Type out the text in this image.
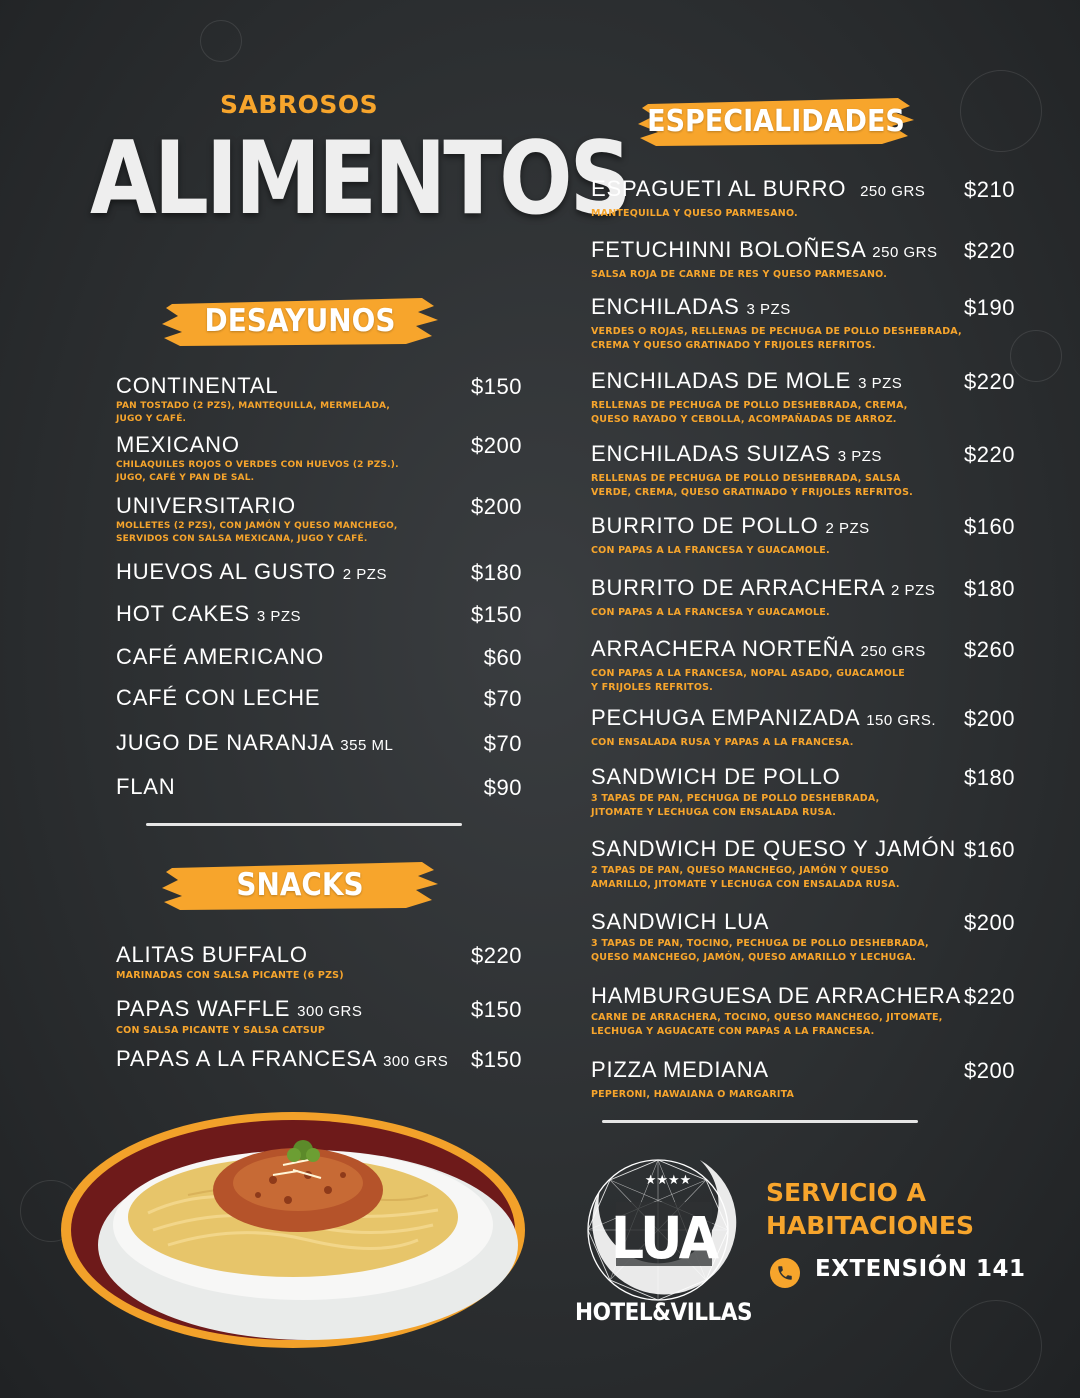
SABROSOS
ALIMENTOS
DESAYUNOS
SNACKS
ESPECIALIDADES
CONTINENTAL	$150
PAN TOSTADO (2 PZS), MANTEQUILLA, MERMELADA,
JUGO Y CAFÉ.
MEXICANO	$200
CHILAQUILES ROJOS O VERDES CON HUEVOS (2 PZS.).
JUGO, CAFÉ Y PAN DE SAL.
UNIVERSITARIO	$200
MOLLETES (2 PZS), CON JAMÓN Y QUESO MANCHEGO,
SERVIDOS CON SALSA MEXICANA, JUGO Y CAFÉ.
HUEVOS AL GUSTO 2 PZS	$180
HOT CAKES 3 PZS	$150
CAFÉ AMERICANO	$60
CAFÉ CON LECHE	$70
JUGO DE NARANJA 355 ML	$70
FLAN	$90
ALITAS BUFFALO	$220
MARINADAS CON SALSA PICANTE (6 PZS)
PAPAS WAFFLE 300 GRS	$150
CON SALSA PICANTE Y SALSA CATSUP
PAPAS A LA FRANCESA 300 GRS	$150
ESPAGUETI AL BURRO 250 GRS	$210
MANTEQUILLA Y QUESO PARMESANO.
FETUCHINNI BOLOÑESA 250 GRS	$220
SALSA ROJA DE CARNE DE RES Y QUESO PARMESANO.
ENCHILADAS 3 PZS	$190
VERDES O ROJAS, RELLENAS DE PECHUGA DE POLLO DESHEBRADA,
CREMA Y QUESO GRATINADO Y FRIJOLES REFRITOS.
ENCHILADAS DE MOLE 3 PZS	$220
RELLENAS DE PECHUGA DE POLLO DESHEBRADA, CREMA,
QUESO RAYADO Y CEBOLLA, ACOMPAÑADAS DE ARROZ.
ENCHILADAS SUIZAS 3 PZS	$220
RELLENAS DE PECHUGA DE POLLO DESHEBRADA, SALSA
VERDE, CREMA, QUESO GRATINADO Y FRIJOLES REFRITOS.
BURRITO DE POLLO 2 PZS	$160
CON PAPAS A LA FRANCESA Y GUACAMOLE.
BURRITO DE ARRACHERA 2 PZS	$180
CON PAPAS A LA FRANCESA Y GUACAMOLE.
ARRACHERA NORTEÑA 250 GRS	$260
CON PAPAS A LA FRANCESA, NOPAL ASADO, GUACAMOLE
Y FRIJOLES REFRITOS.
PECHUGA EMPANIZADA 150 GRS.	$200
CON ENSALADA RUSA Y PAPAS A LA FRANCESA.
SANDWICH DE POLLO	$180
3 TAPAS DE PAN, PECHUGA DE POLLO DESHEBRADA,
JITOMATE Y LECHUGA CON ENSALADA RUSA.
SANDWICH DE QUESO Y JAMÓN $160
2 TAPAS DE PAN, QUESO MANCHEGO, JAMÓN Y QUESO
AMARILLO, JITOMATE Y LECHUGA CON ENSALADA RUSA.
SANDWICH LUA	$200
3 TAPAS DE PAN, TOCINO, PECHUGA DE POLLO DESHEBRADA,
QUESO MANCHEGO, JAMÓN, QUESO AMARILLO Y LECHUGA.
HAMBURGUESA DE ARRACHERA $220
CARNE DE ARRACHERA, TOCINO, QUESO MANCHEGO, JITOMATE,
LECHUGA Y AGUACATE CON PAPAS A LA FRANCESA.
PIZZA MEDIANA	$200
PEPERONI, HAWAIANA O MARGARITA
★★★★
LUA
HOTEL&VILLAS
SERVICIO A
HABITACIONES
EXTENSIÓN 141
